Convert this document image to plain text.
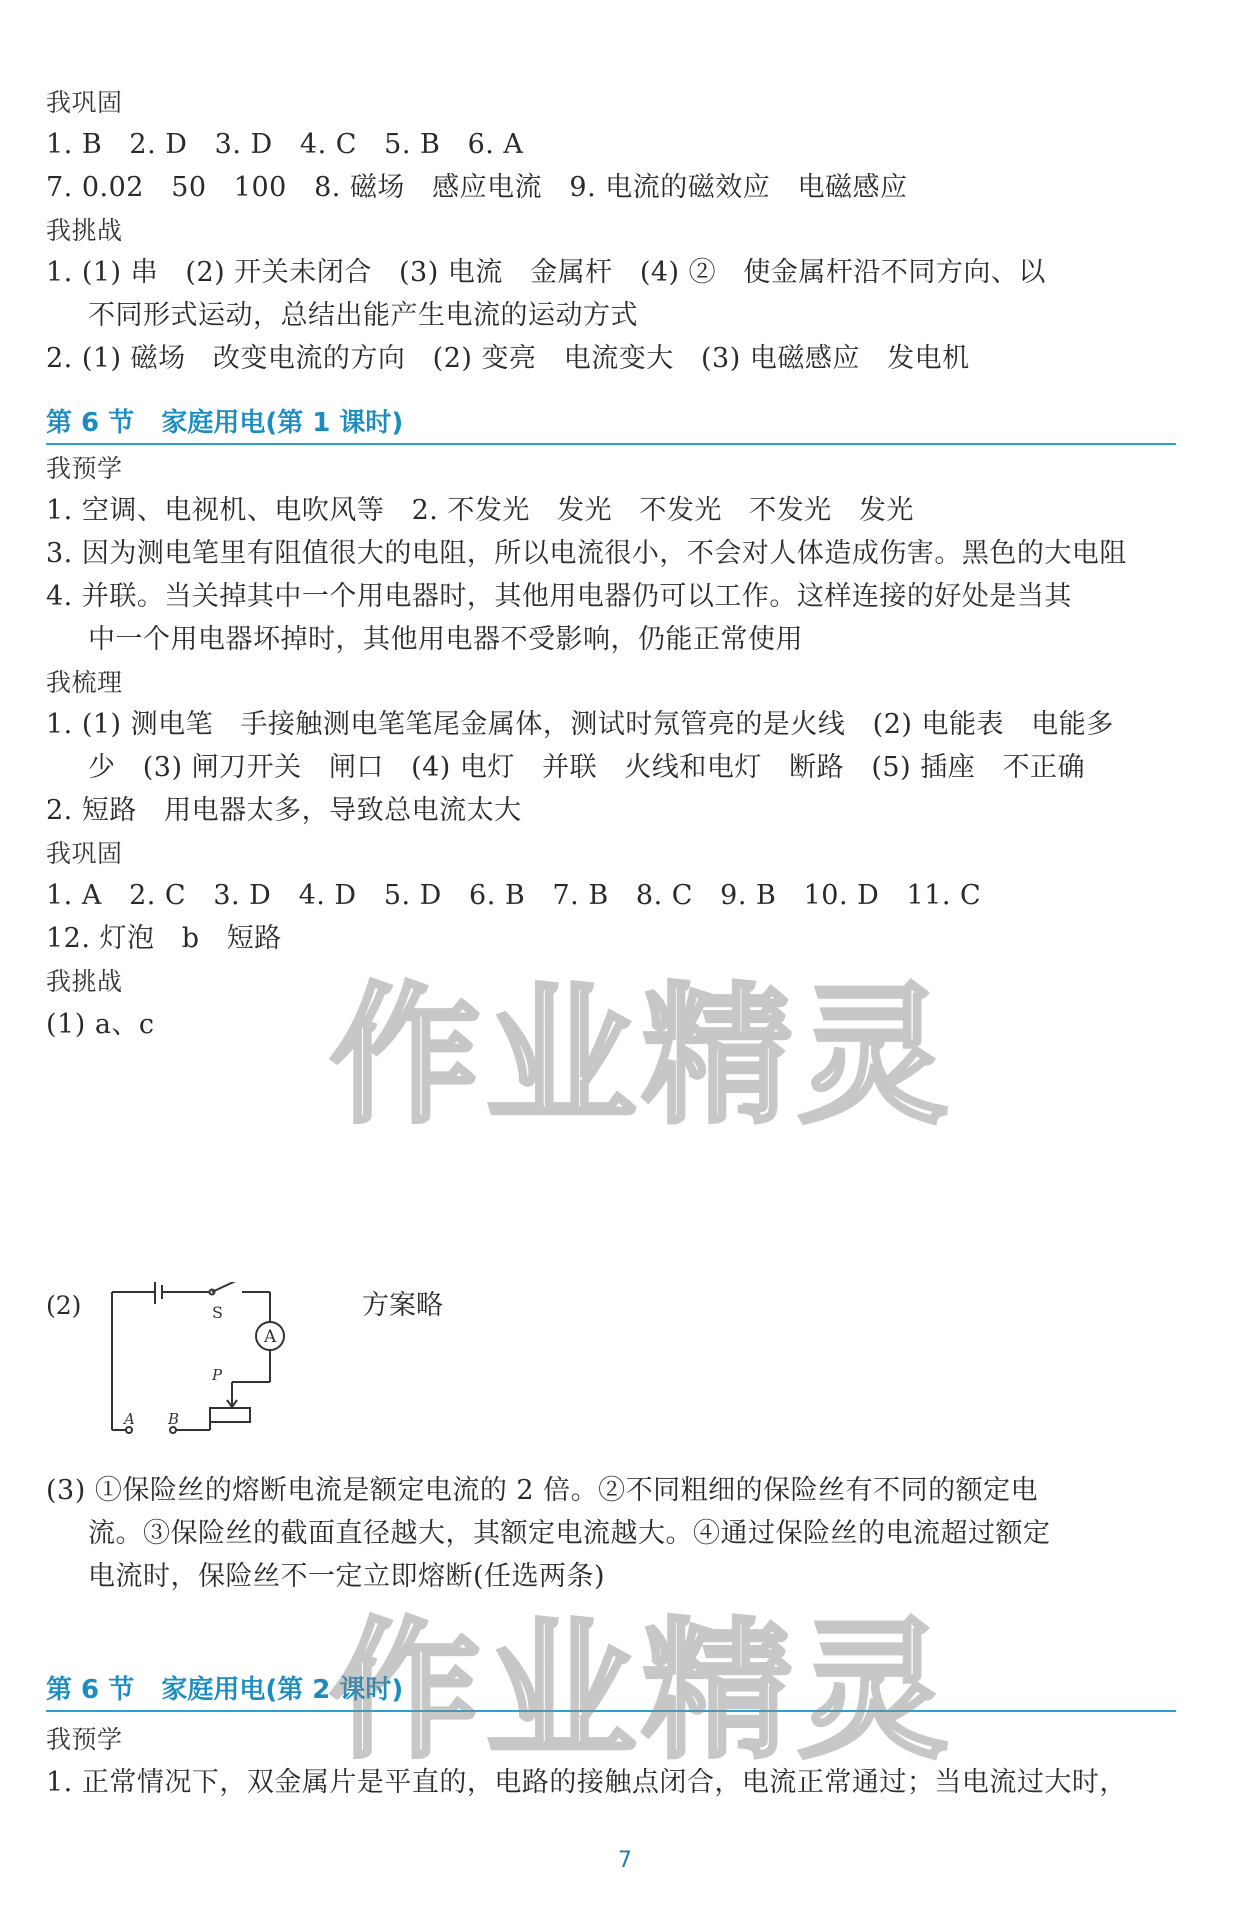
我巩固
1. B   2. D   3. D   4. C   5. B   6. A
7. 0.02   50   100   8. 磁场   感应电流   9. 电流的磁效应   电磁感应
我挑战
1. (1) 串   (2) 开关未闭合   (3) 电流   金属杆   (4) ②   使金属杆沿不同方向、以
不同形式运动，总结出能产生电流的运动方式
2. (1) 磁场   改变电流的方向   (2) 变亮   电流变大   (3) 电磁感应   发电机
第 6 节   家庭用电(第 1 课时)
我预学
1. 空调、电视机、电吹风等   2. 不发光   发光   不发光   不发光   发光
3. 因为测电笔里有阻值很大的电阻，所以电流很小，不会对人体造成伤害。黑色的大电阻
4. 并联。当关掉其中一个用电器时，其他用电器仍可以工作。这样连接的好处是当其
中一个用电器坏掉时，其他用电器不受影响，仍能正常使用
我梳理
1. (1) 测电笔   手接触测电笔笔尾金属体，测试时氖管亮的是火线   (2) 电能表   电能多
少   (3) 闸刀开关   闸口   (4) 电灯   并联   火线和电灯   断路   (5) 插座   不正确
2. 短路   用电器太多，导致总电流太大
我巩固
1. A   2. C   3. D   4. D   5. D   6. B   7. B   8. C   9. B   10. D   11. C
12. 灯泡   b   短路
我挑战
(1) a、c
(2)	S
A
A B
P
方案略
(3) ①保险丝的熔断电流是额定电流的 2 倍。②不同粗细的保险丝有不同的额定电
流。③保险丝的截面直径越大，其额定电流越大。④通过保险丝的电流超过额定
电流时，保险丝不一定立即熔断(任选两条)
第 6 节   家庭用电(第 2 课时)
我预学
1. 正常情况下，双金属片是平直的，电路的接触点闭合，电流正常通过；当电流过大时，
7
作业精灵
作业精灵
